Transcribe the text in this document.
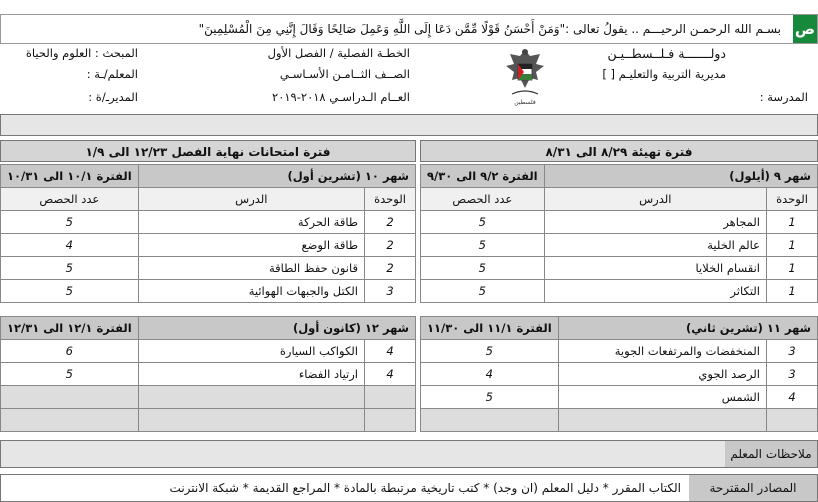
ص
بسـم الله الرحمـن الرحيـــم .. يقولُ تعالى :"وَمَنْ أَحْسَنُ قَوْلًا مِّمَّن دَعَا إِلَى اللَّهِ وَعَمِلَ صَالِحًا وَقَالَ إِنَّنِي مِنَ الْمُسْلِمِينَ"
دولـــــــة فـلــسطــيـن
مديرية التربية والتعليـم [ ]
المدرسة :
الخطـة الفصلية / الفصل الأول
الصــف الثــامـن الأسـاسـي
العــام الـدراسـي ٢٠١٨-٢٠١٩
المبحث : العلوم والحياة
المعلم/ـة :
المديرـ/ة :	فلسطين
فترة تهيئة ٨/٢٩ الى ٨/٣١
فترة امتحانات نهاية الفصل ١٢/٢٣ الى ١/٩
شهر ٩ (أيلول)		الفترة ٩/٢ الى ٩/٣٠
الوحدة	الدرس	عدد الحصص
1	المجاهر	5
1	عالم الخلية	5
1	انقسام الخلايا	5
1	التكاثر	5
شهر ١٠ (تشرين أول)		الفترة ١٠/١ الى ١٠/٣١
الوحدة	الدرس	عدد الحصص
2	طاقة الحركة	5
2	طاقة الوضع	4
2	قانون حفظ الطاقة	5
3	الكتل والجبهات الهوائية	5
شهر ١١ (تشرين ثاني)		الفترة ١١/١ الى ١١/٣٠
3	المنخفضات والمرتفعات الجوية	5
3	الرصد الجوي	4
4	الشمس	5

شهر ١٢ (كانون أول)		الفترة ١٢/١ الى ١٢/٣١
4	الكواكب السيارة	6
4	ارتياد الفضاء	5

ملاحظات المعلم
المصادر المقترحة
الكتاب المقرر * دليل المعلم (ان وجد) * كتب تاريخية مرتبطة بالمادة * المراجع القديمة * شبكة الانترنت
